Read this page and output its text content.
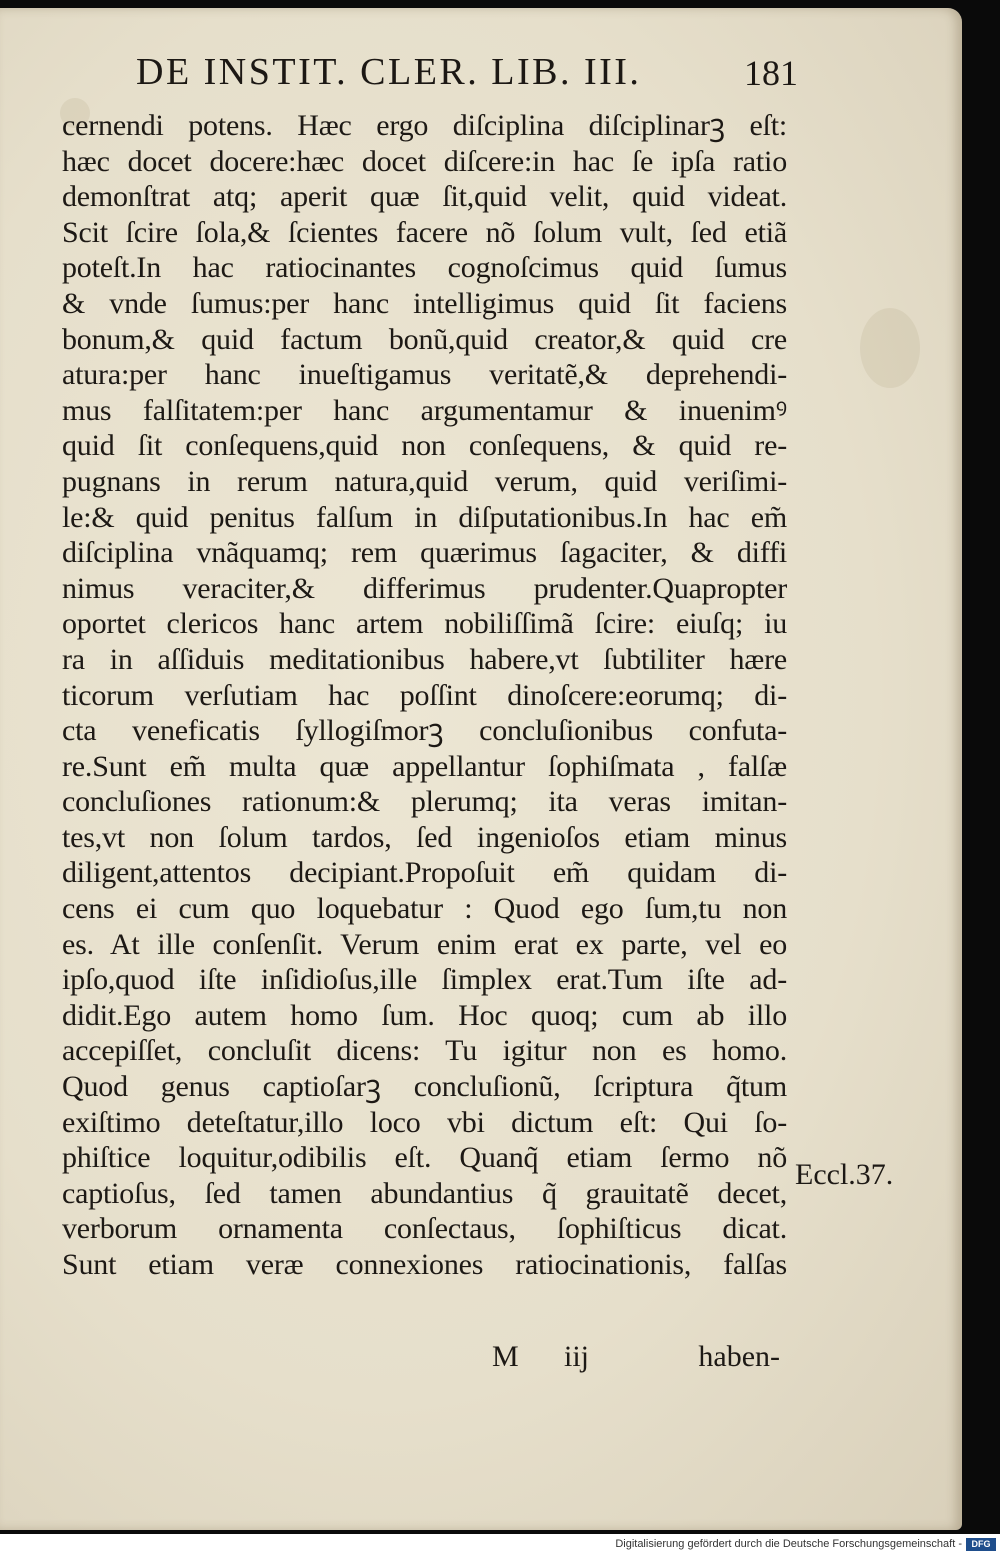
DE INSTIT. CLER. LIB. III.	181
cernendi potens. Hæc ergo diſciplina diſciplinarꝫ eſt:
hæc docet docere:hæc docet diſcere:in hac ſe ipſa ratio
demonſtrat atq; aperit quæ ſit,quid velit, quid videat.
Scit ſcire ſola,& ſcientes facere nõ ſolum vult, ſed etiã
poteſt.In hac ratiocinantes cognoſcimus quid ſumus
& vnde ſumus:per hanc intelligimus quid ſit faciens
bonum,& quid factum bonũ,quid creator,& quid cre
atura:per hanc inueſtigamus veritatẽ,& deprehendi-
mus falſitatem:per hanc argumentamur & inuenimꝰ
quid ſit conſequens,quid non conſequens, & quid re-
pugnans in rerum natura,quid verum, quid veriſimi-
le:& quid penitus falſum in diſputationibus.In hac em̃
diſciplina vnãquamq; rem quærimus ſagaciter, & diffi
nimus veraciter,& differimus prudenter.Quapropter
oportet clericos hanc artem nobiliſſimã ſcire: eiuſq; iu
ra in aſſiduis meditationibus habere,vt ſubtiliter hære
ticorum verſutiam hac poſſint dinoſcere:eorumq; di-
cta veneficatis ſyllogiſmorꝫ concluſionibus confuta-
re.Sunt em̃ multa quæ appellantur ſophiſmata , falſæ
concluſiones rationum:& plerumq; ita veras imitan-
tes,vt non ſolum tardos, ſed ingenioſos etiam minus
diligent,attentos decipiant.Propoſuit em̃ quidam di-
cens ei cum quo loquebatur : Quod ego ſum,tu non
es. At ille conſenſit. Verum enim erat ex parte, vel eo
ipſo,quod iſte inſidioſus,ille ſimplex erat.Tum iſte ad-
didit.Ego autem homo ſum. Hoc quoq; cum ab illo
accepiſſet, concluſit dicens: Tu igitur non es homo.
Quod genus captioſarꝫ concluſionũ, ſcriptura q̃tum
exiſtimo deteſtatur,illo loco vbi dictum eſt: Qui ſo-
phiſtice loquitur,odibilis eſt. Quanq̃ etiam ſermo nõ
captioſus, ſed tamen abundantius q̃ grauitatẽ decet,
verborum ornamenta conſectaus, ſophiſticus dicat.
Sunt etiam veræ connexiones ratiocinationis, falſas
Eccl.37.
M iij	haben-
Digitalisierung gefördert durch die Deutsche Forschungsgemeinschaft -	DFG
